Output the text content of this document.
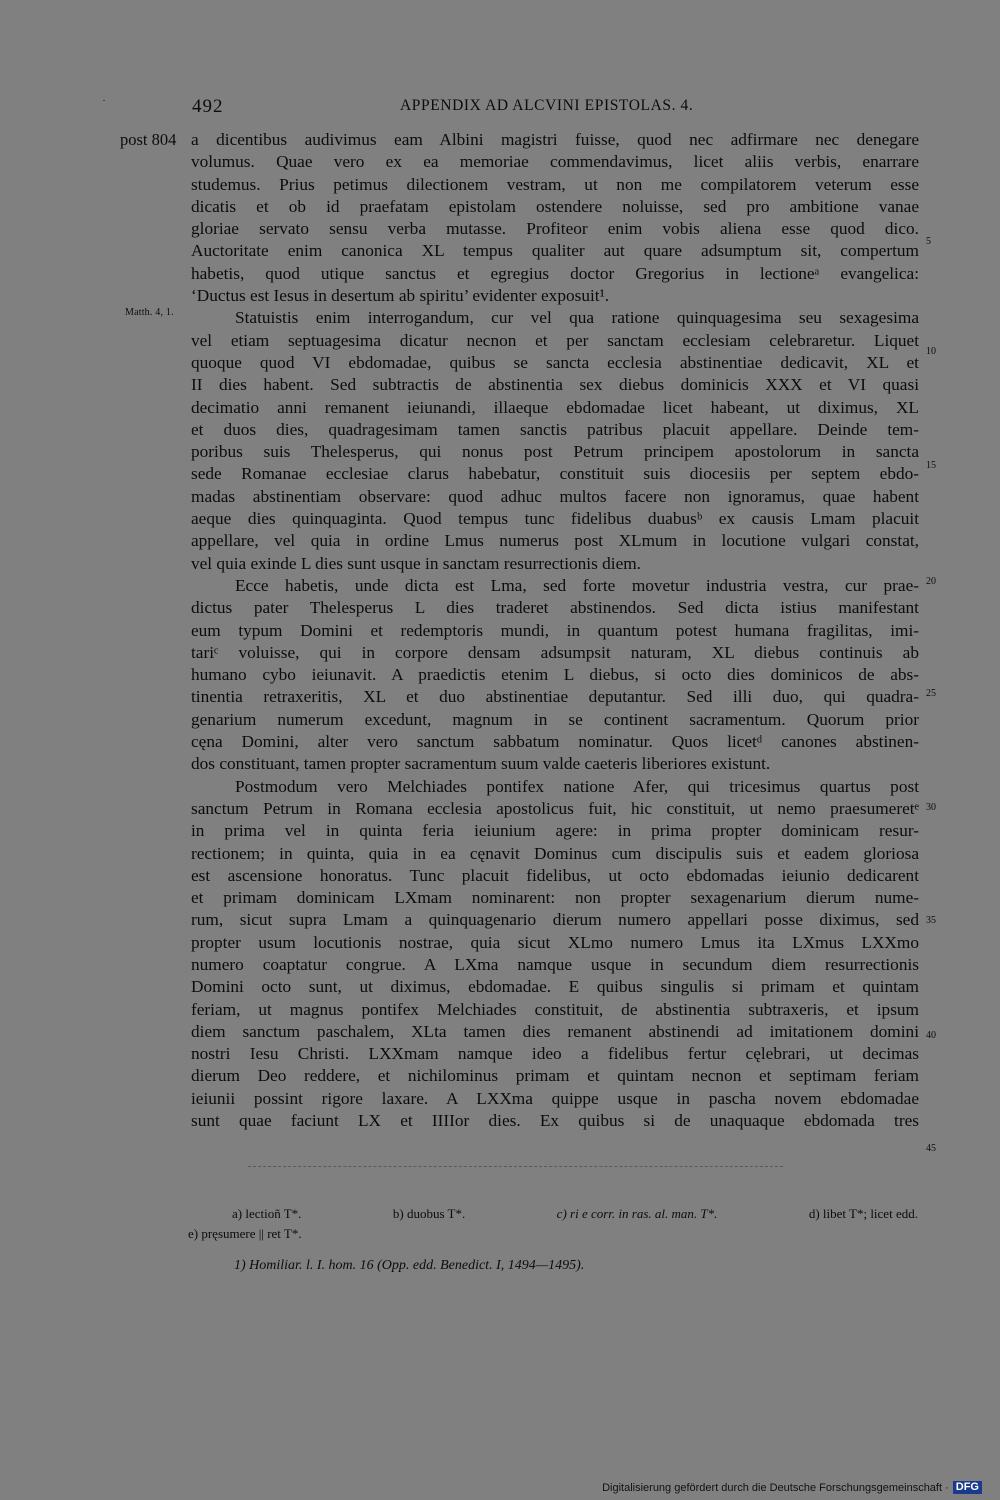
492	APPENDIX AD ALCVINI EPISTOLAS. 4.
post 804
Matth. 4, 1.
a dicentibus audivimus eam Albini magistri fuisse, quod nec adfirmare nec denegare
volumus. Quae vero ex ea memoriae commendavimus, licet aliis verbis, enarrare
studemus. Prius petimus dilectionem vestram, ut non me compilatorem veterum esse
dicatis et ob id praefatam epistolam ostendere noluisse, sed pro ambitione vanae
gloriae servato sensu verba mutasse. Profiteor enim vobis aliena esse quod dico.
Auctoritate enim canonica XL tempus qualiter aut quare adsumptum sit, compertum
habetis, quod utique sanctus et egregius doctor Gregorius in lectioneᵃ evangelica:
‘Ductus est Iesus in desertum ab spiritu’ evidenter exposuit¹.
Statuistis enim interrogandum, cur vel qua ratione quinquagesima seu sexagesima
vel etiam septuagesima dicatur necnon et per sanctam ecclesiam celebraretur. Liquet
quoque quod VI ebdomadae, quibus se sancta ecclesia abstinentiae dedicavit, XL et
II dies habent. Sed subtractis de abstinentia sex diebus dominicis XXX et VI quasi
decimatio anni remanent ieiunandi, illaeque ebdomadae licet habeant, ut diximus, XL
et duos dies, quadragesimam tamen sanctis patribus placuit appellare. Deinde tem-
poribus suis Thelesperus, qui nonus post Petrum principem apostolorum in sancta
sede Romanae ecclesiae clarus habebatur, constituit suis diocesiis per septem ebdo-
madas abstinentiam observare: quod adhuc multos facere non ignoramus, quae habent
aeque dies quinquaginta. Quod tempus tunc fidelibus duabusᵇ ex causis Lmam placuit
appellare, vel quia in ordine Lmus numerus post XLmum in locutione vulgari constat,
vel quia exinde L dies sunt usque in sanctam resurrectionis diem.
Ecce habetis, unde dicta est Lma, sed forte movetur industria vestra, cur prae-
dictus pater Thelesperus L dies traderet abstinendos. Sed dicta istius manifestant
eum typum Domini et redemptoris mundi, in quantum potest humana fragilitas, imi-
tariᶜ voluisse, qui in corpore densam adsumpsit naturam, XL diebus continuis ab
humano cybo ieiunavit. A praedictis etenim L diebus, si octo dies dominicos de abs-
tinentia retraxeritis, XL et duo abstinentiae deputantur. Sed illi duo, qui quadra-
genarium numerum excedunt, magnum in se continent sacramentum. Quorum prior
cęna Domini, alter vero sanctum sabbatum nominatur. Quos licetᵈ canones abstinen-
dos constituant, tamen propter sacramentum suum valde caeteris liberiores existunt.
Postmodum vero Melchiades pontifex natione Afer, qui tricesimus quartus post
sanctum Petrum in Romana ecclesia apostolicus fuit, hic constituit, ut nemo praesumeretᵉ
in prima vel in quinta feria ieiunium agere: in prima propter dominicam resur-
rectionem; in quinta, quia in ea cęnavit Dominus cum discipulis suis et eadem gloriosa
est ascensione honoratus. Tunc placuit fidelibus, ut octo ebdomadas ieiunio dedicarent
et primam dominicam LXmam nominarent: non propter sexagenarium dierum nume-
rum, sicut supra Lmam a quinquagenario dierum numero appellari posse diximus, sed
propter usum locutionis nostrae, quia sicut XLmo numero Lmus ita LXmus LXXmo
numero coaptatur congrue. A LXma namque usque in secundum diem resurrectionis
Domini octo sunt, ut diximus, ebdomadae. E quibus singulis si primam et quintam
feriam, ut magnus pontifex Melchiades constituit, de abstinentia subtraxeris, et ipsum
diem sanctum paschalem, XLta tamen dies remanent abstinendi ad imitationem domini
nostri Iesu Christi. LXXmam namque ideo a fidelibus fertur cęlebrari, ut decimas
dierum Deo reddere, et nichilominus primam et quintam necnon et septimam feriam
ieiunii possint rigore laxare. A LXXma quippe usque in pascha novem ebdomadae
sunt quae faciunt LX et IIIIor dies. Ex quibus si de unaquaque ebdomada tres
5
10
15
20
25
30
35
40
45
a) lectioñ T*.	b) duobus T*.	c) ri e corr. in ras. al. man. T*.	d) libet T*; licet edd.
e) pręsumere || ret T*.
1) Homiliar. l. I. hom. 16 (Opp. edd. Benedict. I, 1494—1495).
Digitalisierung gefördert durch die Deutsche Forschungsgemeinschaft · DFG
